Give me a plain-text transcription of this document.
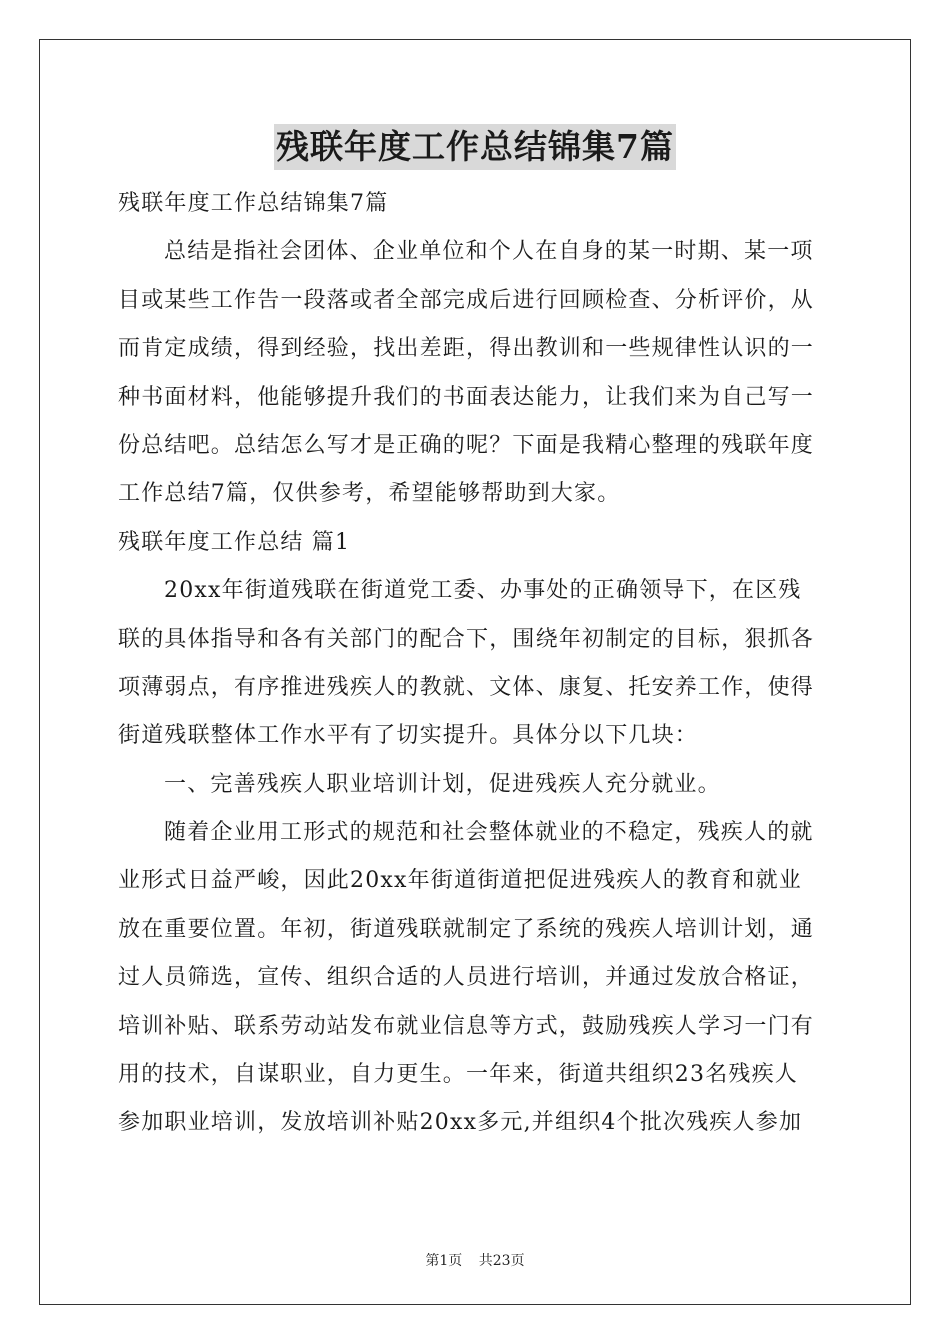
残联年度工作总结锦集7篇
残联年度工作总结锦集7篇
总结是指社会团体、企业单位和个人在自身的某一时期、某一项
目或某些工作告一段落或者全部完成后进行回顾检查、分析评价，从
而肯定成绩，得到经验，找出差距，得出教训和一些规律性认识的一
种书面材料，他能够提升我们的书面表达能力，让我们来为自己写一
份总结吧。总结怎么写才是正确的呢？下面是我精心整理的残联年度
工作总结7篇，仅供参考，希望能够帮助到大家。
残联年度工作总结 篇1
20xx年街道残联在街道党工委、办事处的正确领导下，在区残
联的具体指导和各有关部门的配合下，围绕年初制定的目标，狠抓各
项薄弱点，有序推进残疾人的教就、文体、康复、托安养工作，使得
街道残联整体工作水平有了切实提升。具体分以下几块：
一、完善残疾人职业培训计划，促进残疾人充分就业。
随着企业用工形式的规范和社会整体就业的不稳定，残疾人的就
业形式日益严峻，因此20xx年街道街道把促进残疾人的教育和就业
放在重要位置。年初，街道残联就制定了系统的残疾人培训计划，通
过人员筛选，宣传、组织合适的人员进行培训，并通过发放合格证，
培训补贴、联系劳动站发布就业信息等方式，鼓励残疾人学习一门有
用的技术，自谋职业，自力更生。一年来，街道共组织23名残疾人
参加职业培训，发放培训补贴20xx多元,并组织4个批次残疾人参加
第1页 共23页
